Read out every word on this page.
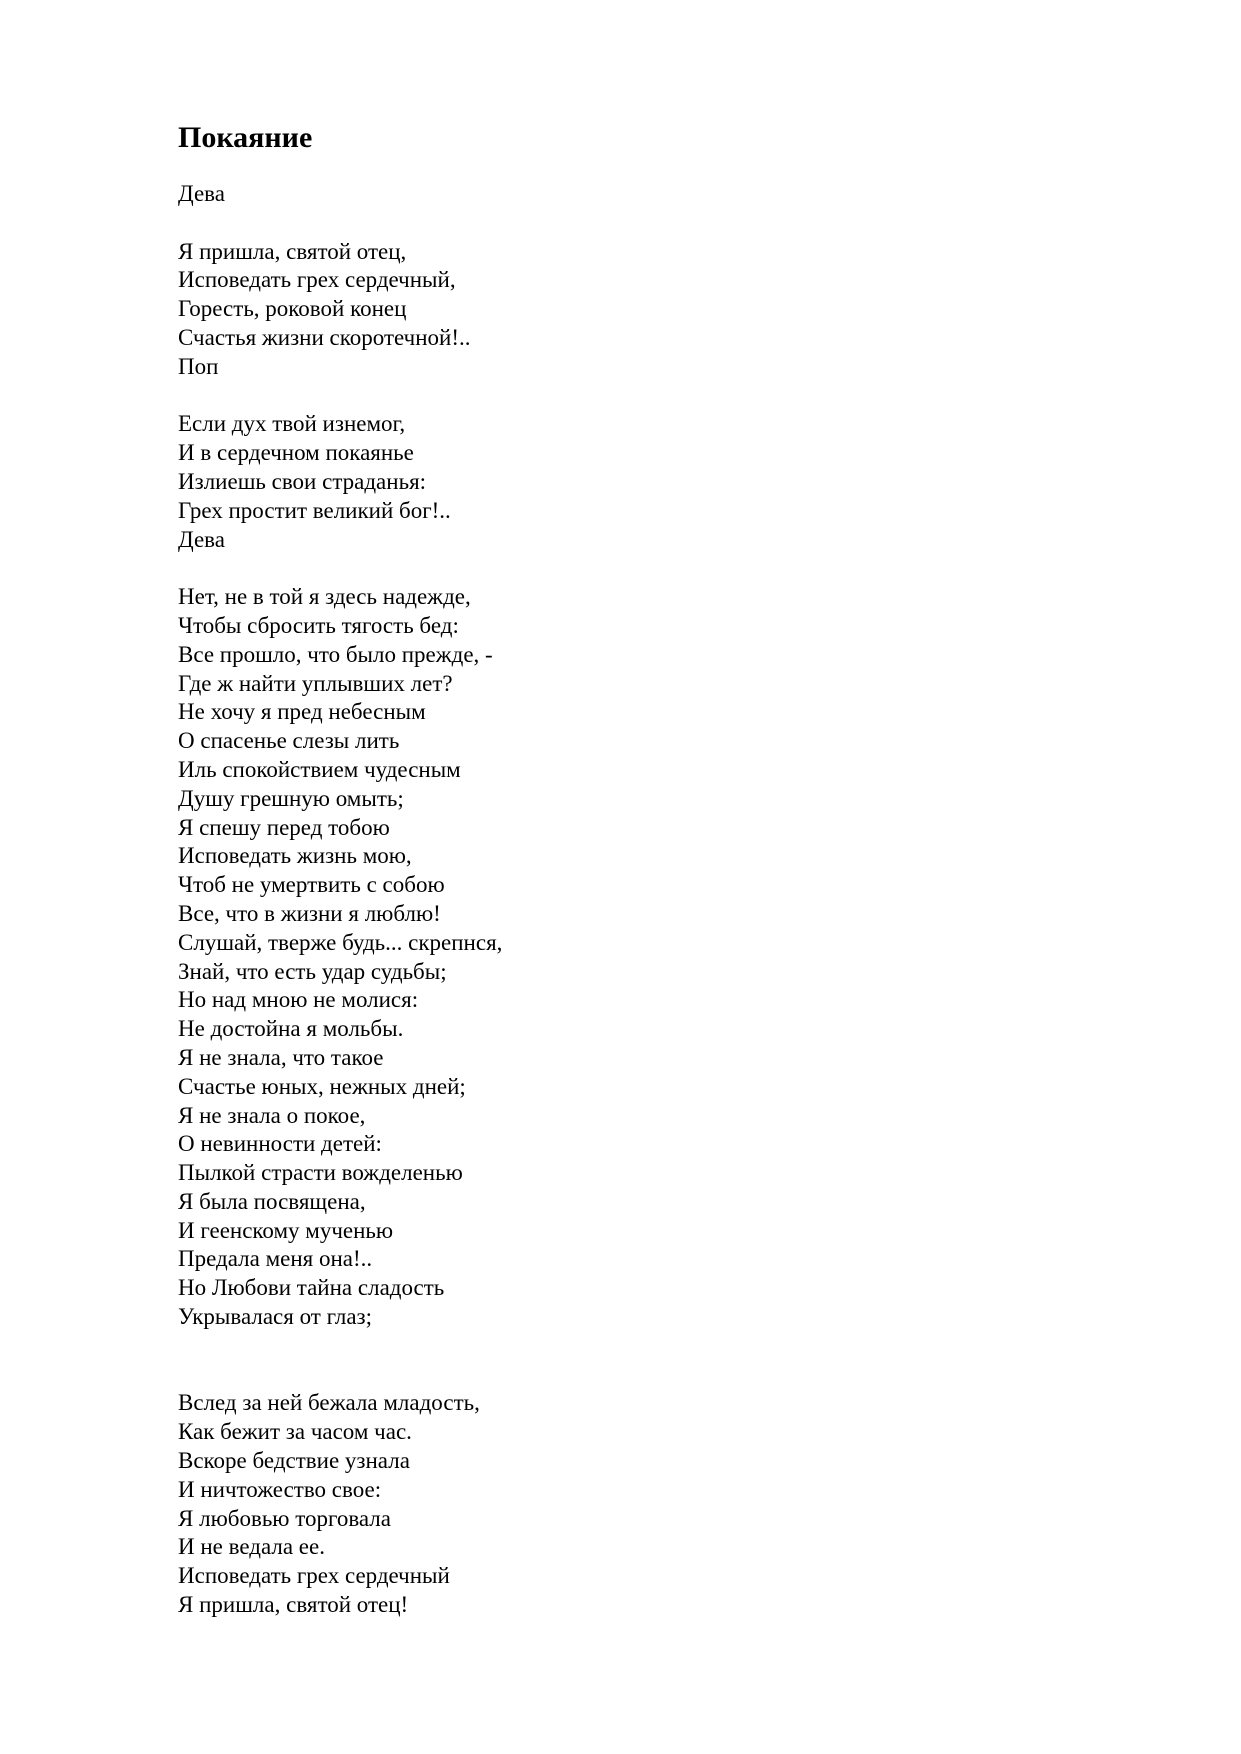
Покаяние
Дева
Я пришла, святой отец,
Исповедать грех сердечный,
Горесть, роковой конец
Счастья жизни скоротечной!..
Поп
Если дух твой изнемог,
И в сердечном покаянье
Излиешь свои страданья:
Грех простит великий бог!..
Дева
Нет, не в той я здесь надежде,
Чтобы сбросить тягость бед:
Все прошло, что было прежде, -
Где ж найти уплывших лет?
Не хочу я пред небесным
О спасенье слезы лить
Иль спокойствием чудесным
Душу грешную омыть;
Я спешу перед тобою
Исповедать жизнь мою,
Чтоб не умертвить с собою
Все, что в жизни я люблю!
Слушай, тверже будь... скрепнся,
Знай, что есть удар судьбы;
Но над мною не молися:
Не достойна я мольбы.
Я не знала, что такое
Счастье юных, нежных дней;
Я не знала о покое,
О невинности детей:
Пылкой страсти вожделенью
Я была посвящена,
И геенскому мученью
Предала меня она!..
Но Любови тайна сладость
Укрывалася от глаз;
Вслед за ней бежала младость,
Как бежит за часом час.
Вскоре бедствие узнала
И ничтожество свое:
Я любовью торговала
И не ведала ее.
Исповедать грех сердечный
Я пришла, святой отец!
